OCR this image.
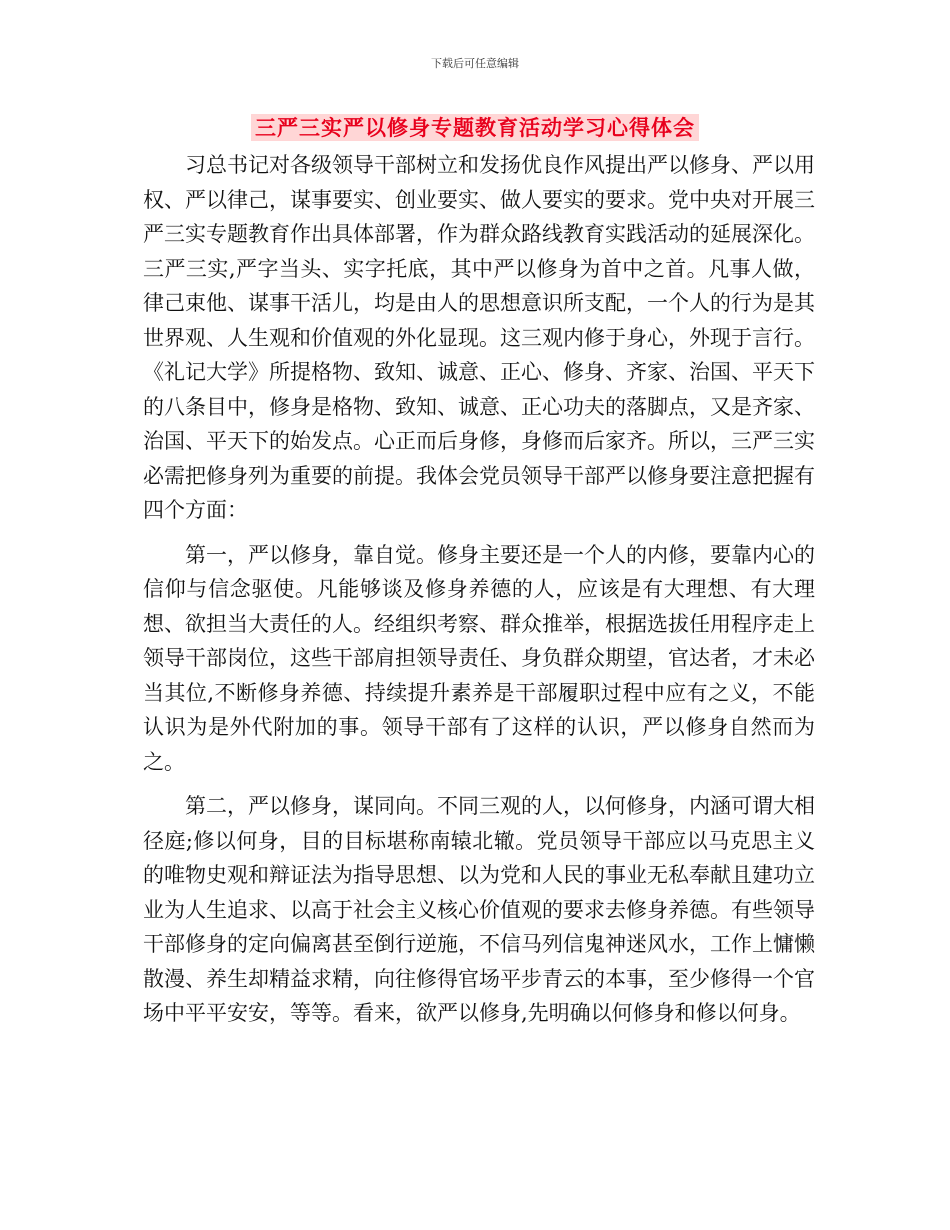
下载后可任意编辑
三严三实严以修身专题教育活动学习心得体会

习总书记对各级领导干部树立和发扬优良作风提出严以修身、严以用权、严以律己，谋事要实、创业要实、做人要实的要求。党中央对开展三严三实专题教育作出具体部署，作为群众路线教育实践活动的延展深化。三严三实,严字当头、实字托底，其中严以修身为首中之首。凡事人做，律己束他、谋事干活儿，均是由人的思想意识所支配，一个人的行为是其世界观、人生观和价值观的外化显现。这三观内修于身心，外现于言行。《礼记大学》所提格物、致知、诚意、正心、修身、齐家、治国、平天下的八条目中，修身是格物、致知、诚意、正心功夫的落脚点，又是齐家、治国、平天下的始发点。心正而后身修，身修而后家齐。所以，三严三实必需把修身列为重要的前提。我体会党员领导干部严以修身要注意把握有四个方面：

第一，严以修身，靠自觉。修身主要还是一个人的内修，要靠内心的信仰与信念驱使。凡能够谈及修身养德的人，应该是有大理想、有大理想、欲担当大责任的人。经组织考察、群众推举，根据选拔任用程序走上领导干部岗位，这些干部肩担领导责任、身负群众期望，官达者，才未必当其位,不断修身养德、持续提升素养是干部履职过程中应有之义，不能认识为是外代附加的事。领导干部有了这样的认识，严以修身自然而为之。

第二，严以修身，谋同向。不同三观的人，以何修身，内涵可谓大相径庭;修以何身，目的目标堪称南辕北辙。党员领导干部应以马克思主义的唯物史观和辩证法为指导思想、以为党和人民的事业无私奉献且建功立业为人生追求、以高于社会主义核心价值观的要求去修身养德。有些领导干部修身的定向偏离甚至倒行逆施，不信马列信鬼神迷风水，工作上慵懒散漫、养生却精益求精，向往修得官场平步青云的本事，至少修得一个官场中平平安安，等等。看来，欲严以修身,先明确以何修身和修以何身。
